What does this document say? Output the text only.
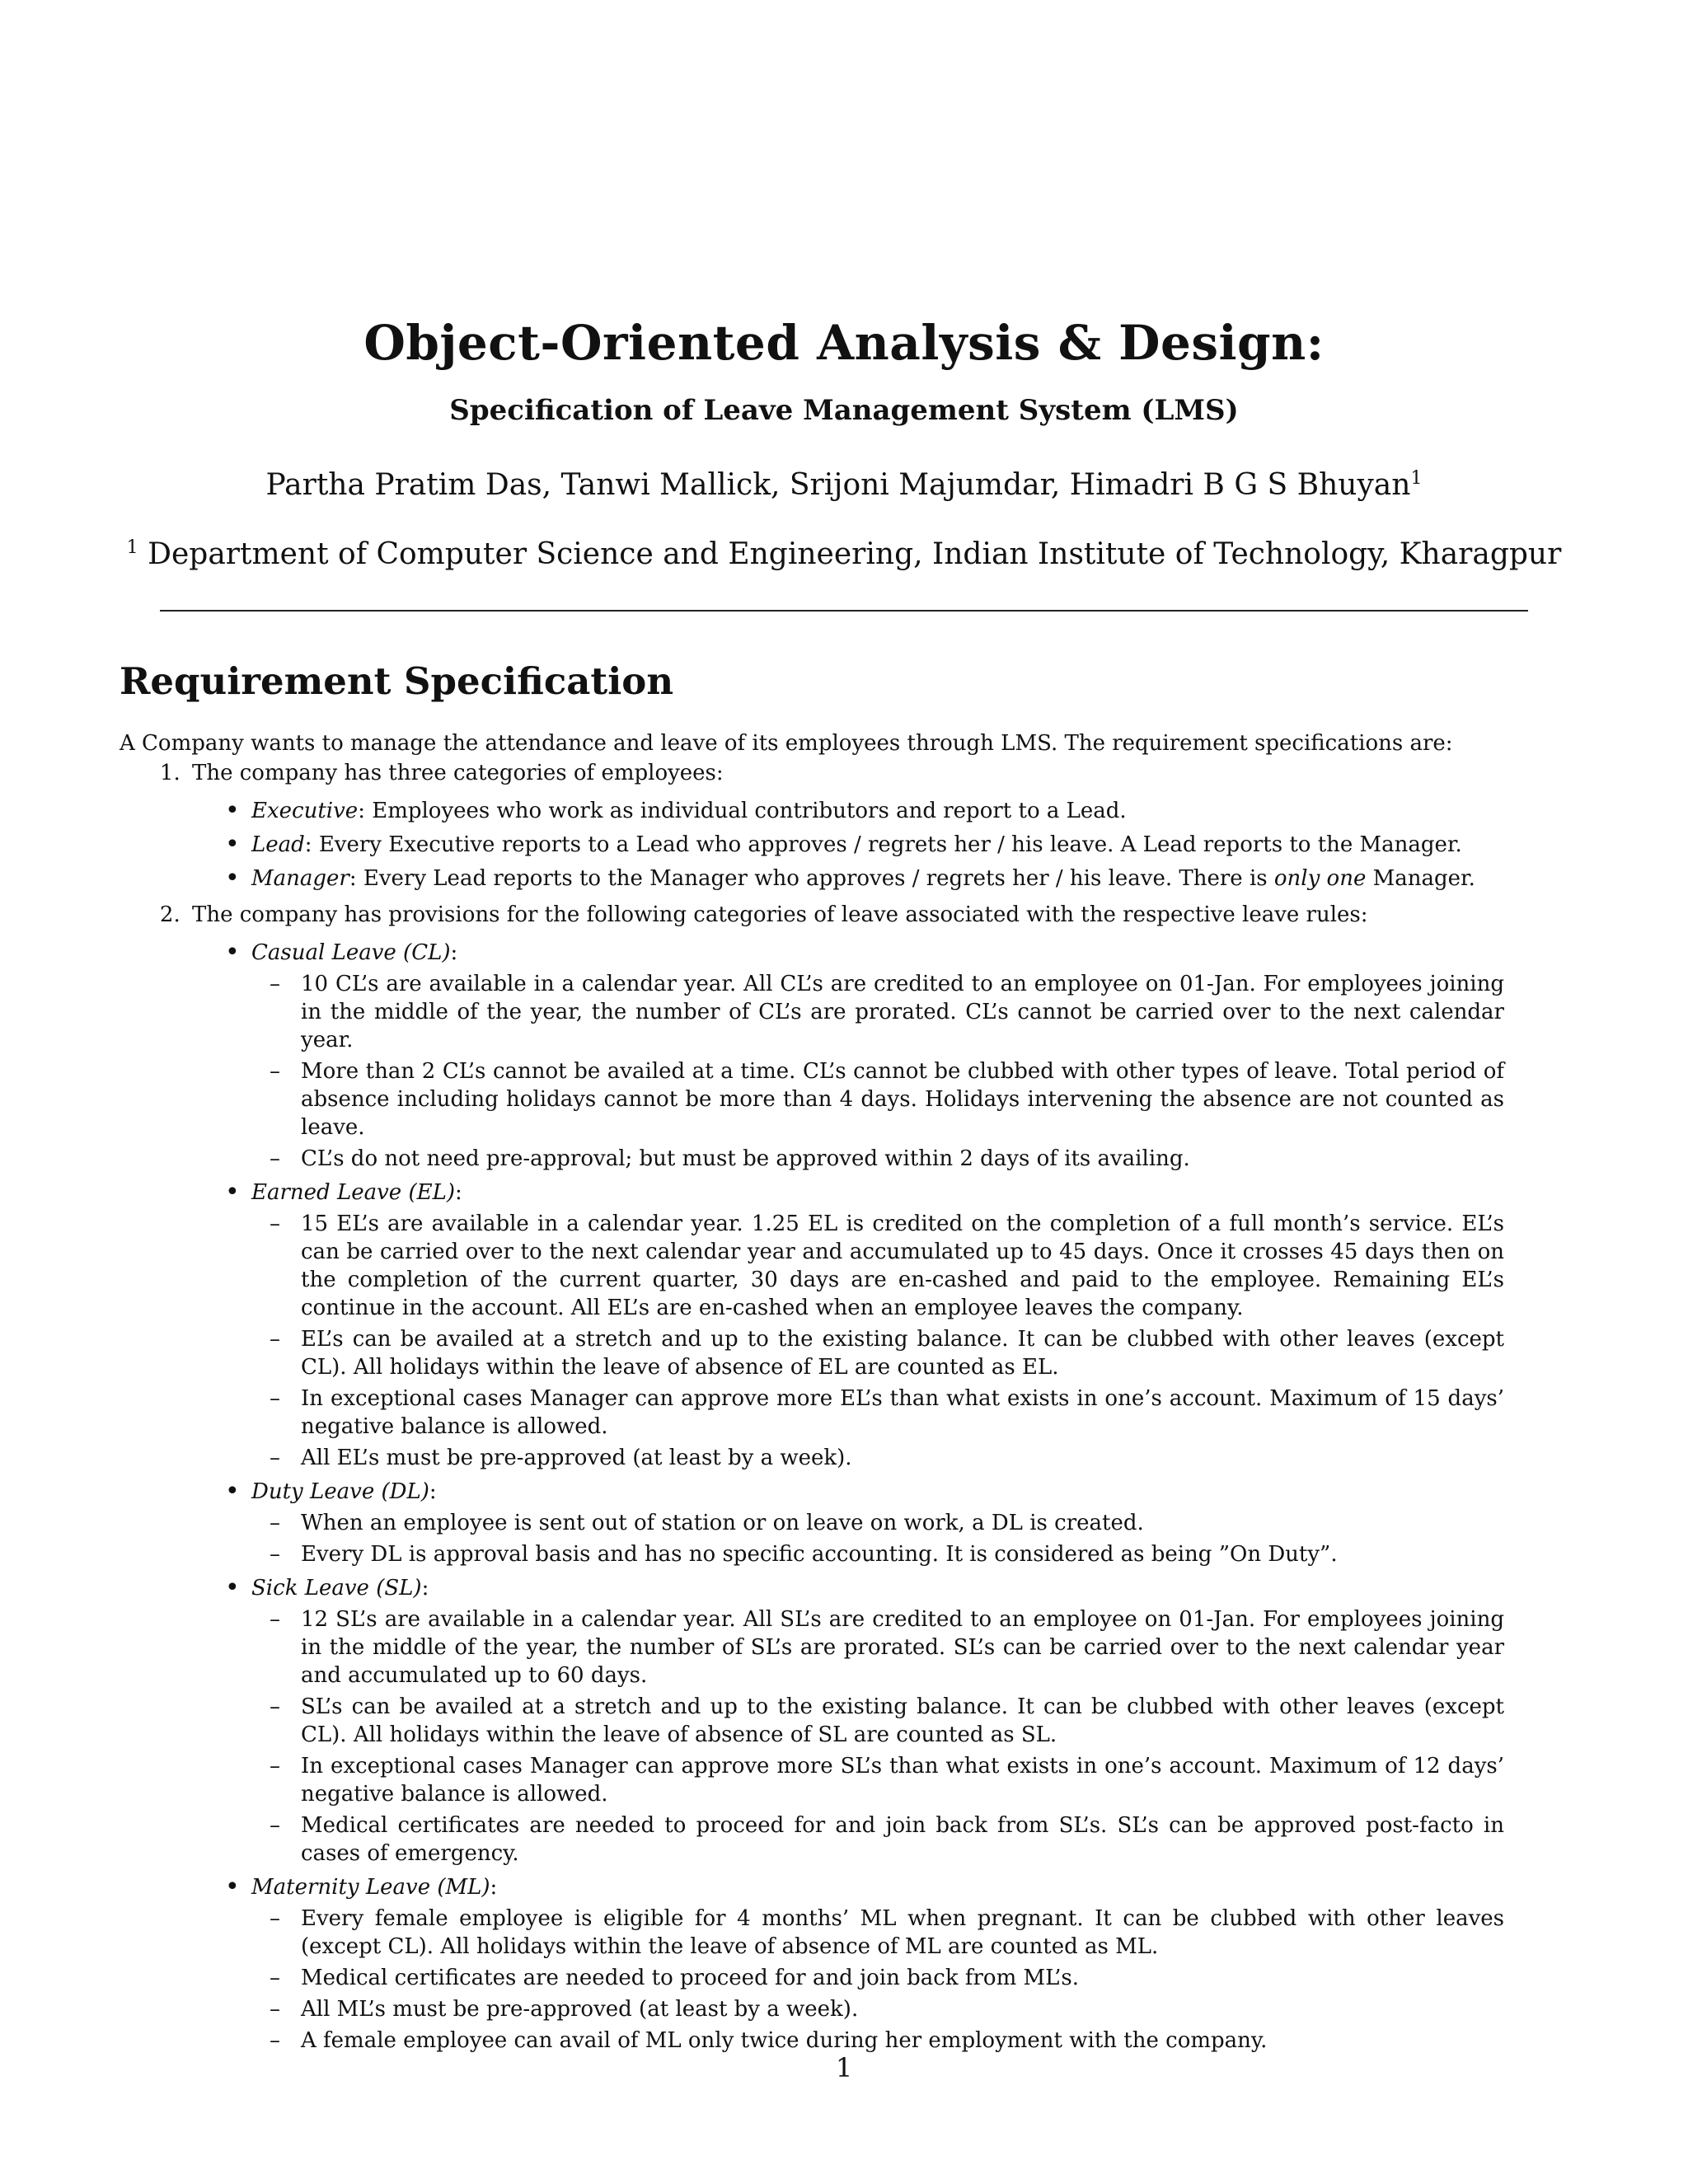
Object-Oriented Analysis & Design:
Specification of Leave Management System (LMS)
Partha Pratim Das, Tanwi Mallick, Srijoni Majumdar, Himadri B G S Bhuyan$^1$
$^1$ Department of Computer Science and Engineering, Indian Institute of Technology, Kharagpur
Requirement Specification

A Company wants to manage the attendance and leave of its employees through LMS. The requirement specifications are:

1. The company has three categories of employees:
• Executive: Employees who work as individual contributors and report to a Lead.
• Lead: Every Executive reports to a Lead who approves / regrets her / his leave. A Lead reports to the Manager.
• Manager: Every Lead reports to the Manager who approves / regrets her / his leave. There is only one Manager.
2. The company has provisions for the following categories of leave associated with the respective leave rules:
• Casual Leave (CL):
– 10 CL’s are available in a calendar year. All CL’s are credited to an employee on 01-Jan. For employees joining in the middle of the year, the number of CL’s are prorated. CL’s cannot be carried over to the next calendar year.
– More than 2 CL’s cannot be availed at a time. CL’s cannot be clubbed with other types of leave. Total period of absence including holidays cannot be more than 4 days. Holidays intervening the absence are not counted as leave.
– CL’s do not need pre-approval; but must be approved within 2 days of its availing.
• Earned Leave (EL):
– 15 EL’s are available in a calendar year. 1.25 EL is credited on the completion of a full month’s service. EL’s can be carried over to the next calendar year and accumulated up to 45 days. Once it crosses 45 days then on the completion of the current quarter, 30 days are en-cashed and paid to the employee. Remaining EL’s continue in the account. All EL’s are en-cashed when an employee leaves the company.
– EL’s can be availed at a stretch and up to the existing balance. It can be clubbed with other leaves (except CL). All holidays within the leave of absence of EL are counted as EL.
– In exceptional cases Manager can approve more EL’s than what exists in one’s account. Maximum of 15 days’ negative balance is allowed.
– All EL’s must be pre-approved (at least by a week).
• Duty Leave (DL):
– When an employee is sent out of station or on leave on work, a DL is created.
– Every DL is approval basis and has no specific accounting. It is considered as being ”On Duty”.
• Sick Leave (SL):
– 12 SL’s are available in a calendar year. All SL’s are credited to an employee on 01-Jan. For employees joining in the middle of the year, the number of SL’s are prorated. SL’s can be carried over to the next calendar year and accumulated up to 60 days.
– SL’s can be availed at a stretch and up to the existing balance. It can be clubbed with other leaves (except CL). All holidays within the leave of absence of SL are counted as SL.
– In exceptional cases Manager can approve more SL’s than what exists in one’s account. Maximum of 12 days’ negative balance is allowed.
– Medical certificates are needed to proceed for and join back from SL’s. SL’s can be approved post-facto in cases of emergency.
• Maternity Leave (ML):
– Every female employee is eligible for 4 months’ ML when pregnant. It can be clubbed with other leaves (except CL). All holidays within the leave of absence of ML are counted as ML.
– Medical certificates are needed to proceed for and join back from ML’s.
– All ML’s must be pre-approved (at least by a week).
– A female employee can avail of ML only twice during her employment with the company.
1
